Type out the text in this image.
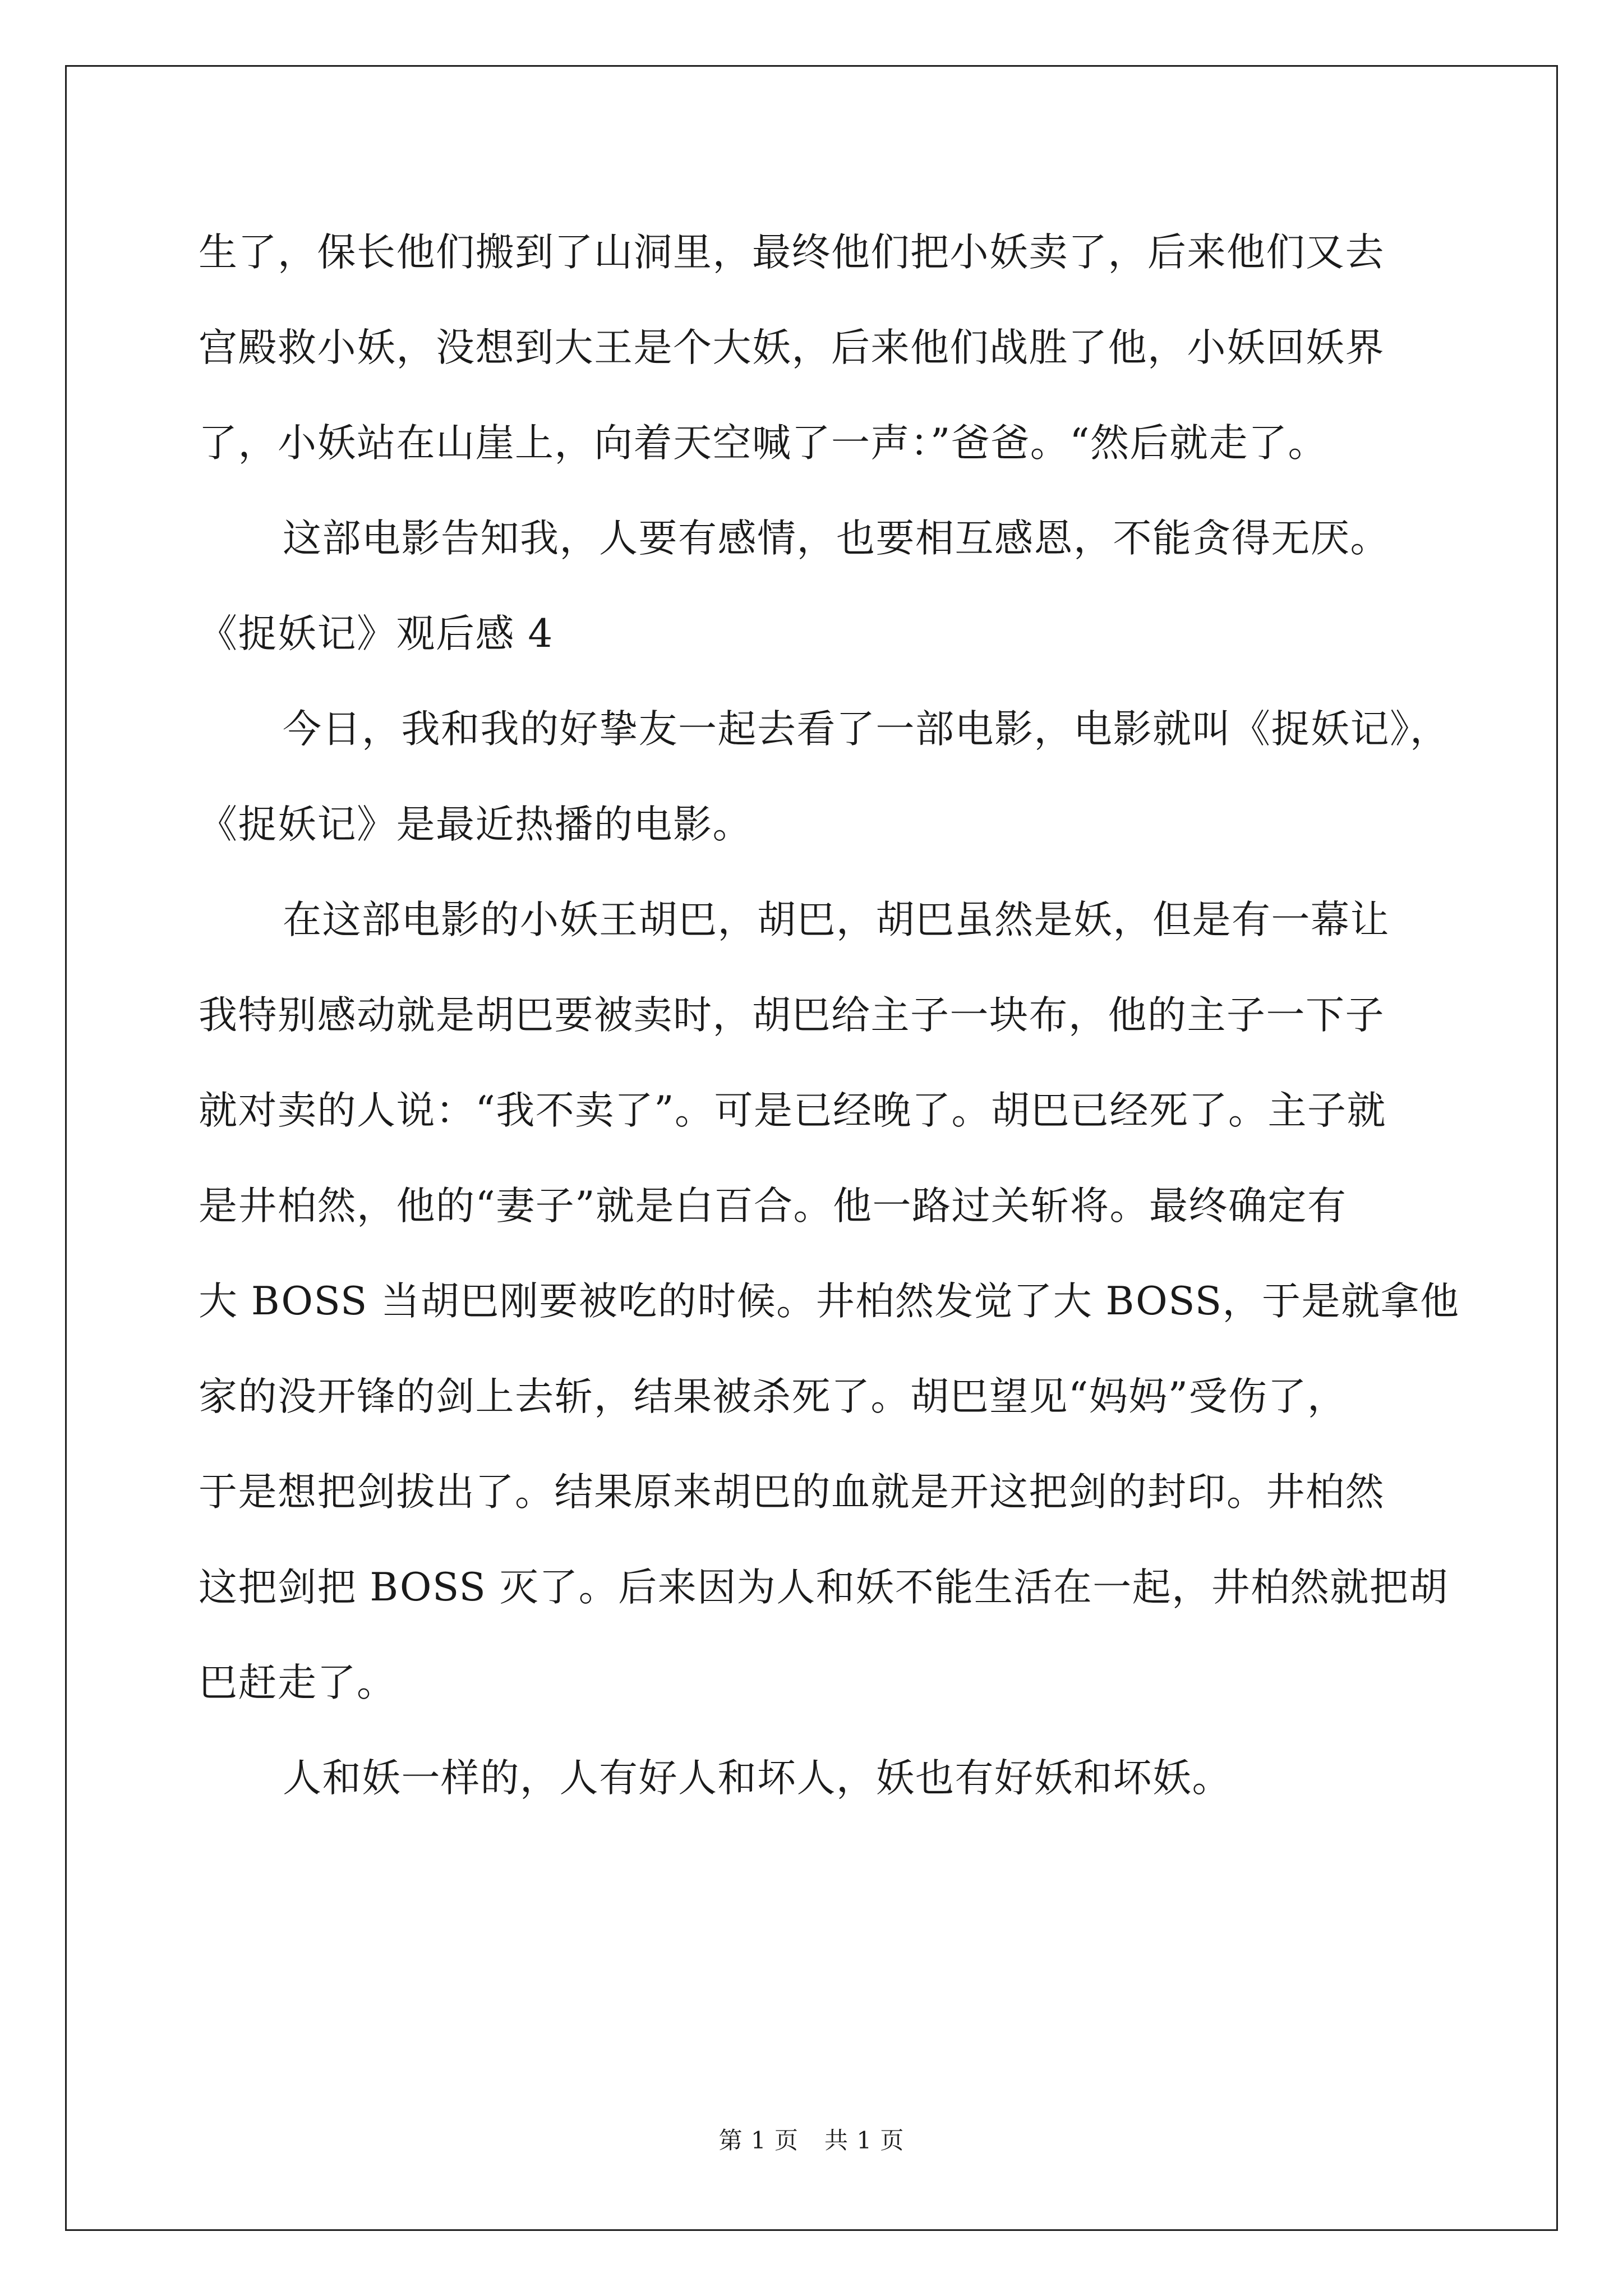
生了，保长他们搬到了山洞里，最终他们把小妖卖了，后来他们又去
宫殿救小妖，没想到大王是个大妖，后来他们战胜了他，小妖回妖界
了，小妖站在山崖上，向着天空喊了一声：”爸爸。“然后就走了。
这部电影告知我，人要有感情，也要相互感恩，不能贪得无厌。
《捉妖记》观后感 4
今日，我和我的好挚友一起去看了一部电影，电影就叫《捉妖记》，
《捉妖记》是最近热播的电影。
在这部电影的小妖王胡巴，胡巴，胡巴虽然是妖，但是有一幕让
我特别感动就是胡巴要被卖时，胡巴给主子一块布，他的主子一下子
就对卖的人说：“我不卖了”。可是已经晚了。胡巴已经死了。主子就
是井柏然，他的“妻子”就是白百合。他一路过关斩将。最终确定有
大 BOSS 当胡巴刚要被吃的时候。井柏然发觉了大 BOSS，于是就拿他
家的没开锋的剑上去斩，结果被杀死了。胡巴望见“妈妈”受伤了，
于是想把剑拔出了。结果原来胡巴的血就是开这把剑的封印。井柏然
这把剑把 BOSS 灭了。后来因为人和妖不能生活在一起，井柏然就把胡
巴赶走了。
人和妖一样的，人有好人和坏人，妖也有好妖和坏妖。
第 1 页 共 1 页
